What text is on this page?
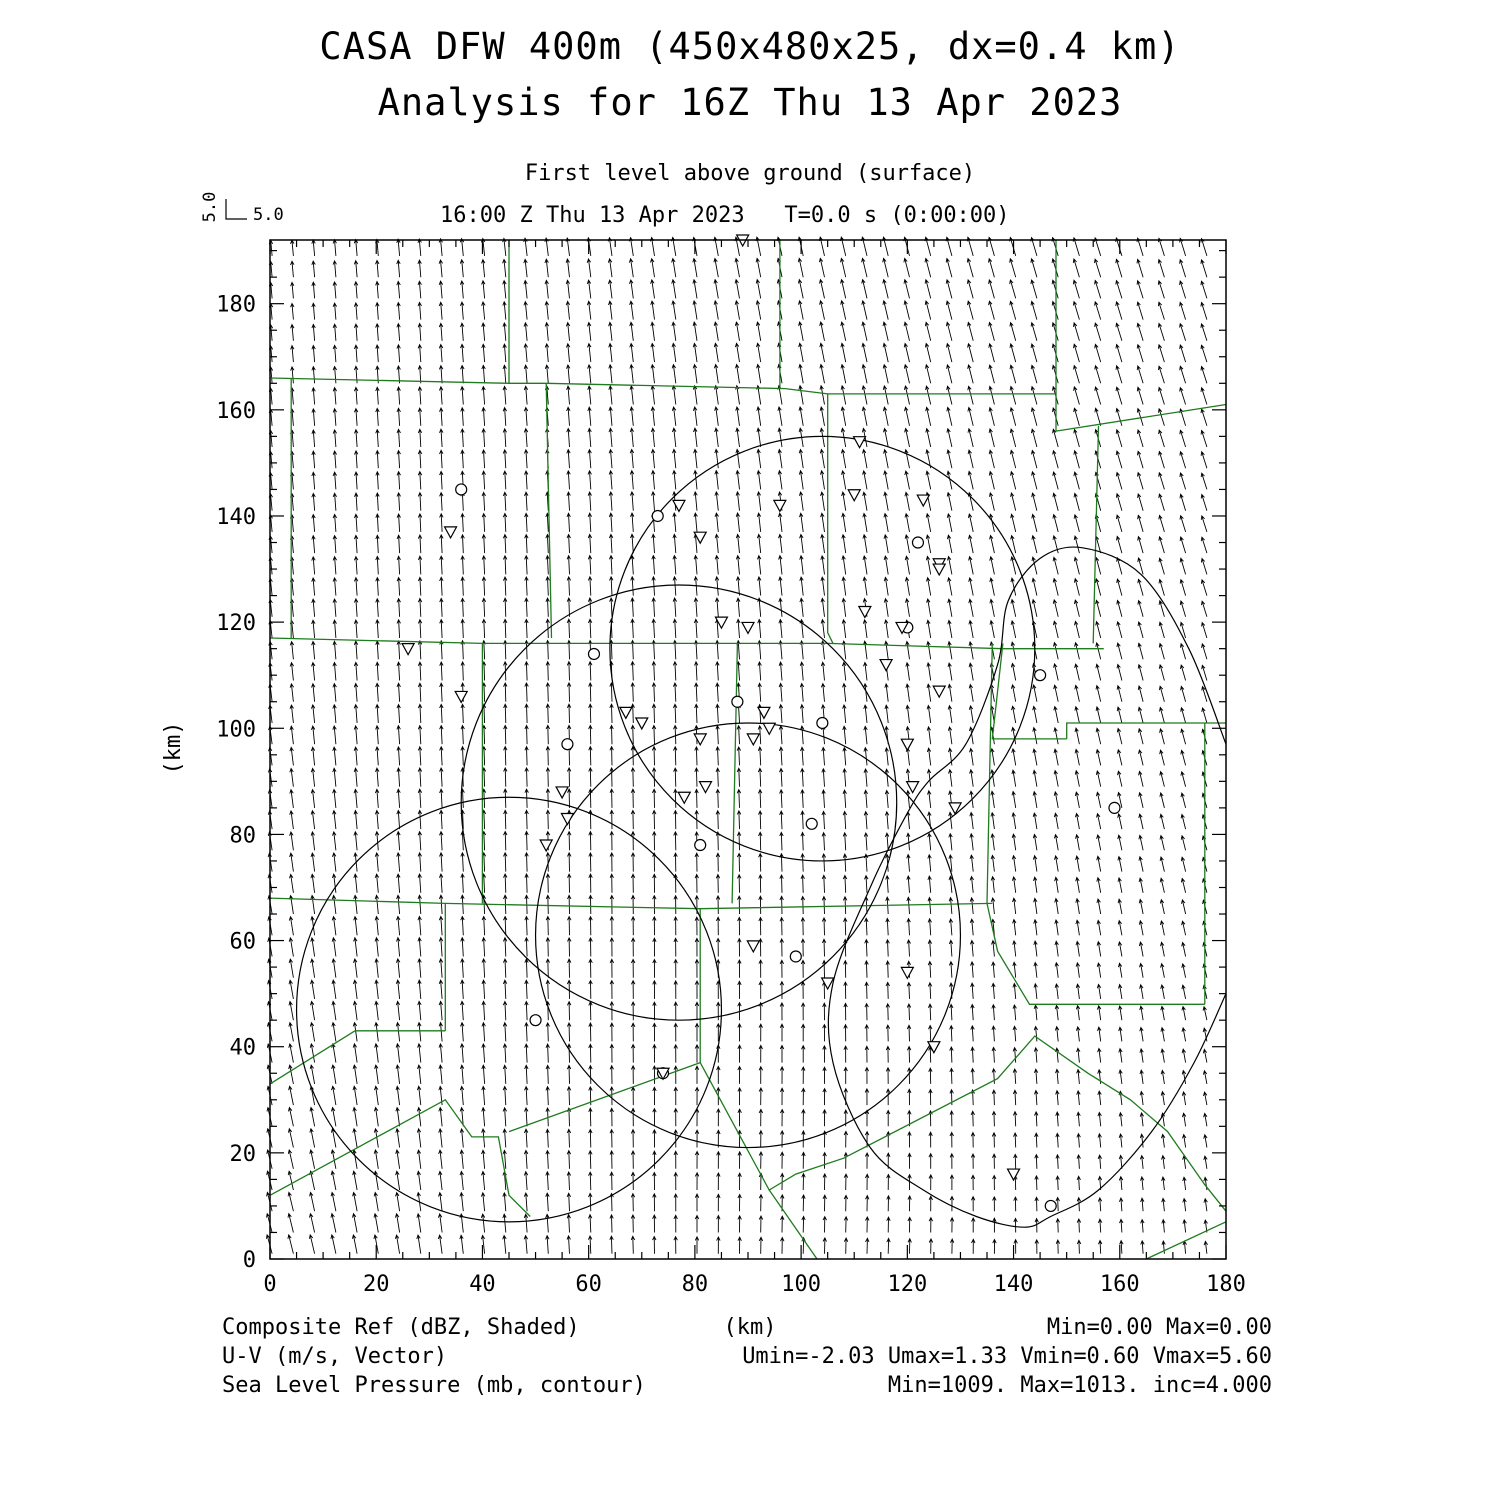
CASA DFW 400m (450x480x25, dx=0.4 km)
Analysis for 16Z Thu 13 Apr 2023
First level above ground (surface)
16:00 Z Thu 13 Apr 2023   T=0.0 s (0:00:00)
0	20	40	60	80	100	120	140	160	180
0
20
40
60
80
100
120
140
160
180
(km)
5.0 5.0
Composite Ref (dBZ, Shaded)
U-V (m/s, Vector)
Sea Level Pressure (mb, contour)
(km)	Min=0.00 Max=0.00
Umin=-2.03 Umax=1.33 Vmin=0.60 Vmax=5.60
Min=1009. Max=1013. inc=4.000
